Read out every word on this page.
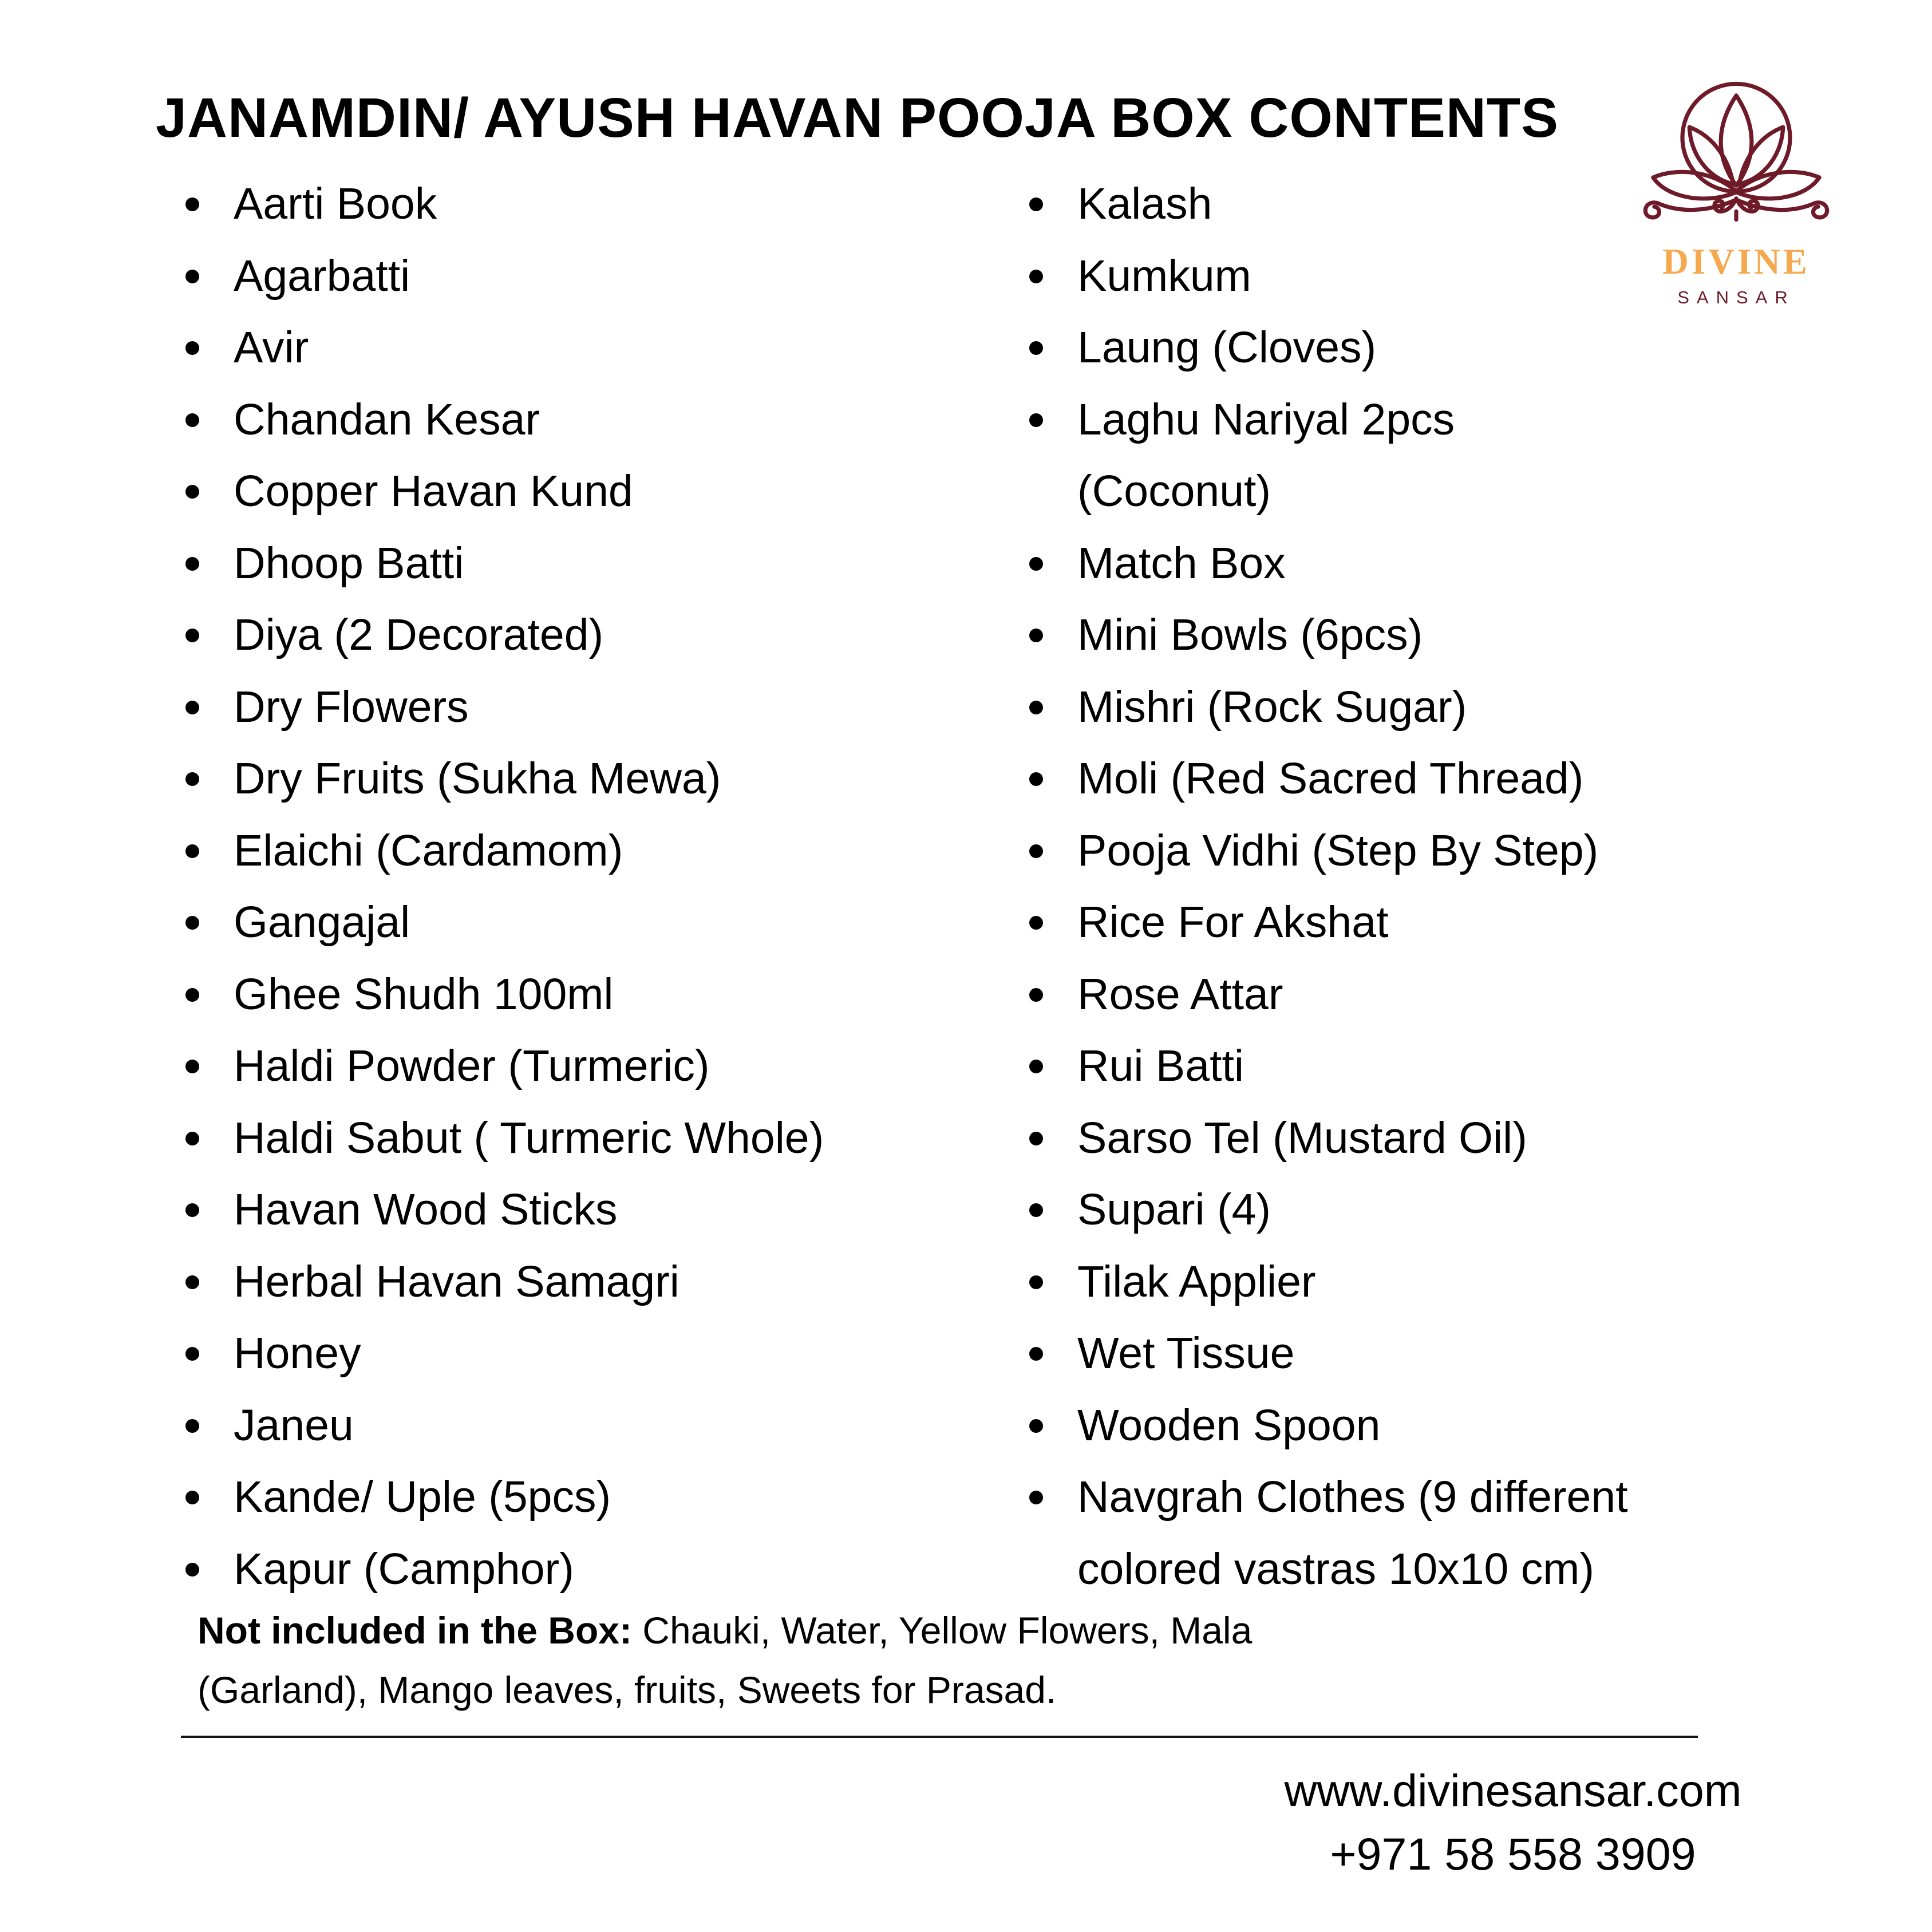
JANAMDIN/ AYUSH HAVAN POOJA BOX CONTENTS
DIVINE
SANSAR
Aarti Book
Agarbatti
Avir
Chandan Kesar
Copper Havan Kund
Dhoop Batti
Diya (2 Decorated)
Dry Flowers
Dry Fruits (Sukha Mewa)
Elaichi (Cardamom)
Gangajal
Ghee Shudh 100ml
Haldi Powder (Turmeric)
Haldi Sabut ( Turmeric Whole)
Havan Wood Sticks
Herbal Havan Samagri
Honey
Janeu
Kande/ Uple (5pcs)
Kapur (Camphor)
Kalash
Kumkum
Laung (Cloves)
Laghu Nariyal 2pcs
(Coconut)
Match Box
Mini Bowls (6pcs)
Mishri (Rock Sugar)
Moli (Red Sacred Thread)
Pooja Vidhi (Step By Step)
Rice For Akshat
Rose Attar
Rui Batti
Sarso Tel (Mustard Oil)
Supari (4)
Tilak Applier
Wet Tissue
Wooden Spoon
Navgrah Clothes (9 different
colored vastras 10x10 cm)

Not included in the Box: Chauki, Water, Yellow Flowers, Mala
(Garland), Mango leaves, fruits, Sweets for Prasad.

www.divinesansar.com
+971 58 558 3909
